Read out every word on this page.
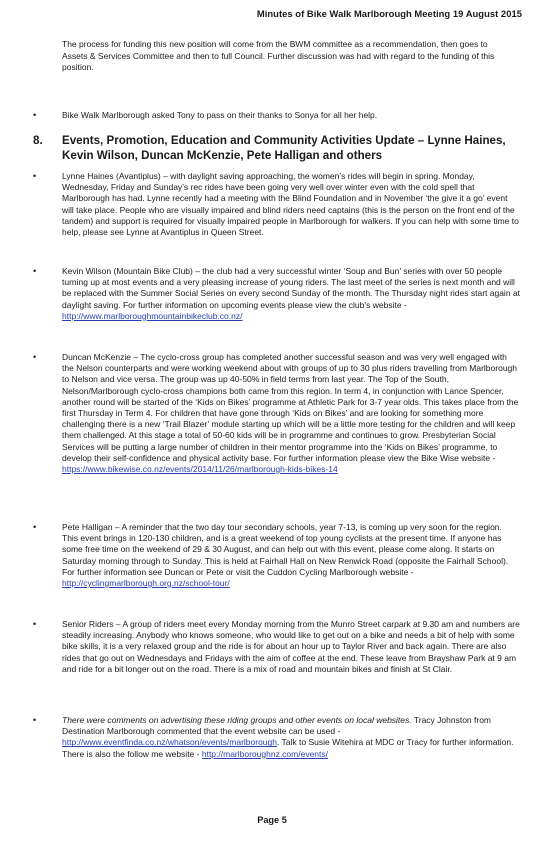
Minutes of Bike Walk Marlborough Meeting 19 August 2015
The process for funding this new position will come from the BWM committee as a recommendation, then goes to Assets & Services Committee and then to full Council. Further discussion was had with regard to the funding of this position.
•	Bike Walk Marlborough asked Tony to pass on their thanks to Sonya for all her help.
8. Events, Promotion, Education and Community Activities Update – Lynne Haines, Kevin Wilson, Duncan McKenzie, Pete Halligan and others
•	Lynne Haines (Avantiplus) – with daylight saving approaching, the women’s rides will begin in spring. Monday, Wednesday, Friday and Sunday’s rec rides have been going very well over winter even with the cold spell that Marlborough has had. Lynne recently had a meeting with the Blind Foundation and in November ‘the give it a go’ event will take place. People who are visually impaired and blind riders need captains (this is the person on the front end of the tandem) and support is required for visually impaired people in Marlborough for walkers. If you can help with some time to help, please see Lynne at Avantiplus in Queen Street.
•	Kevin Wilson (Mountain Bike Club) – the club had a very successful winter ‘Soup and Bun’ series with over 50 people turning up at most events and a very pleasing increase of young riders. The last meet of the series is next month and will be replaced with the Summer Social Series on every second Sunday of the month. The Thursday night rides start again at daylight saving. For further information on upcoming events please view the club’s website - http://www.marlboroughmountainbikeclub.co.nz/
•	Duncan McKenzie – The cyclo-cross group has completed another successful season and was very well engaged with the Nelson counterparts and were working weekend about with groups of up to 30 plus riders travelling from Marlborough to Nelson and vice versa. The group was up 40-50% in field terms from last year. The Top of the South, Nelson/Marlborough cyclo-cross champions both came from this region. In term 4, in conjunction with Lance Spencer, another round will be started of the ‘Kids on Bikes’ programme at Athletic Park for 3-7 year olds. This takes place from the first Thursday in Term 4. For children that have gone through ‘Kids on Bikes’ and are looking for something more challenging there is a new ‘Trail Blazer’ module starting up which will be a little more testing for the children and will keep them challenged. At this stage a total of 50-60 kids will be in programme and continues to grow. Presbyterian Social Services will be putting a large number of children in their mentor programme into the ‘Kids on Bikes’ programme, to develop their self-confidence and physical activity base. For further information please view the Bike Wise website - https://www.bikewise.co.nz/events/2014/11/26/marlborough-kids-bikes-14
•	Pete Halligan – A reminder that the two day tour secondary schools, year 7-13, is coming up very soon for the region. This event brings in 120-130 children, and is a great weekend of top young cyclists at the present time. If anyone has some free time on the weekend of 29 & 30 August, and can help out with this event, please come along. It starts on Saturday morning through to Sunday. This is held at Fairhall Hall on New Renwick Road (opposite the Fairhall School). For further information see Duncan or Pete or visit the Cuddon Cycling Marlborough website - http://cyclingmarlborough.org.nz/school-tour/
•	Senior Riders – A group of riders meet every Monday morning from the Munro Street carpark at 9.30 am and numbers are steadily increasing. Anybody who knows someone, who would like to get out on a bike and needs a bit of help with some bike skills, it is a very relaxed group and the ride is for about an hour up to Taylor River and back again. There are also rides that go out on Wednesdays and Fridays with the aim of coffee at the end. These leave from Brayshaw Park at 9 am and ride for a bit longer out on the road. There is a mix of road and mountain bikes and finish at St Clair.
•	There were comments on advertising these riding groups and other events on local websites. Tracy Johnston from Destination Marlborough commented that the event website can be used - http://www.eventfinda.co.nz/whatson/events/marlborough. Talk to Susie Witehira at MDC or Tracy for further information. There is also the follow me website - http://marlboroughnz.com/events/
Page 5
